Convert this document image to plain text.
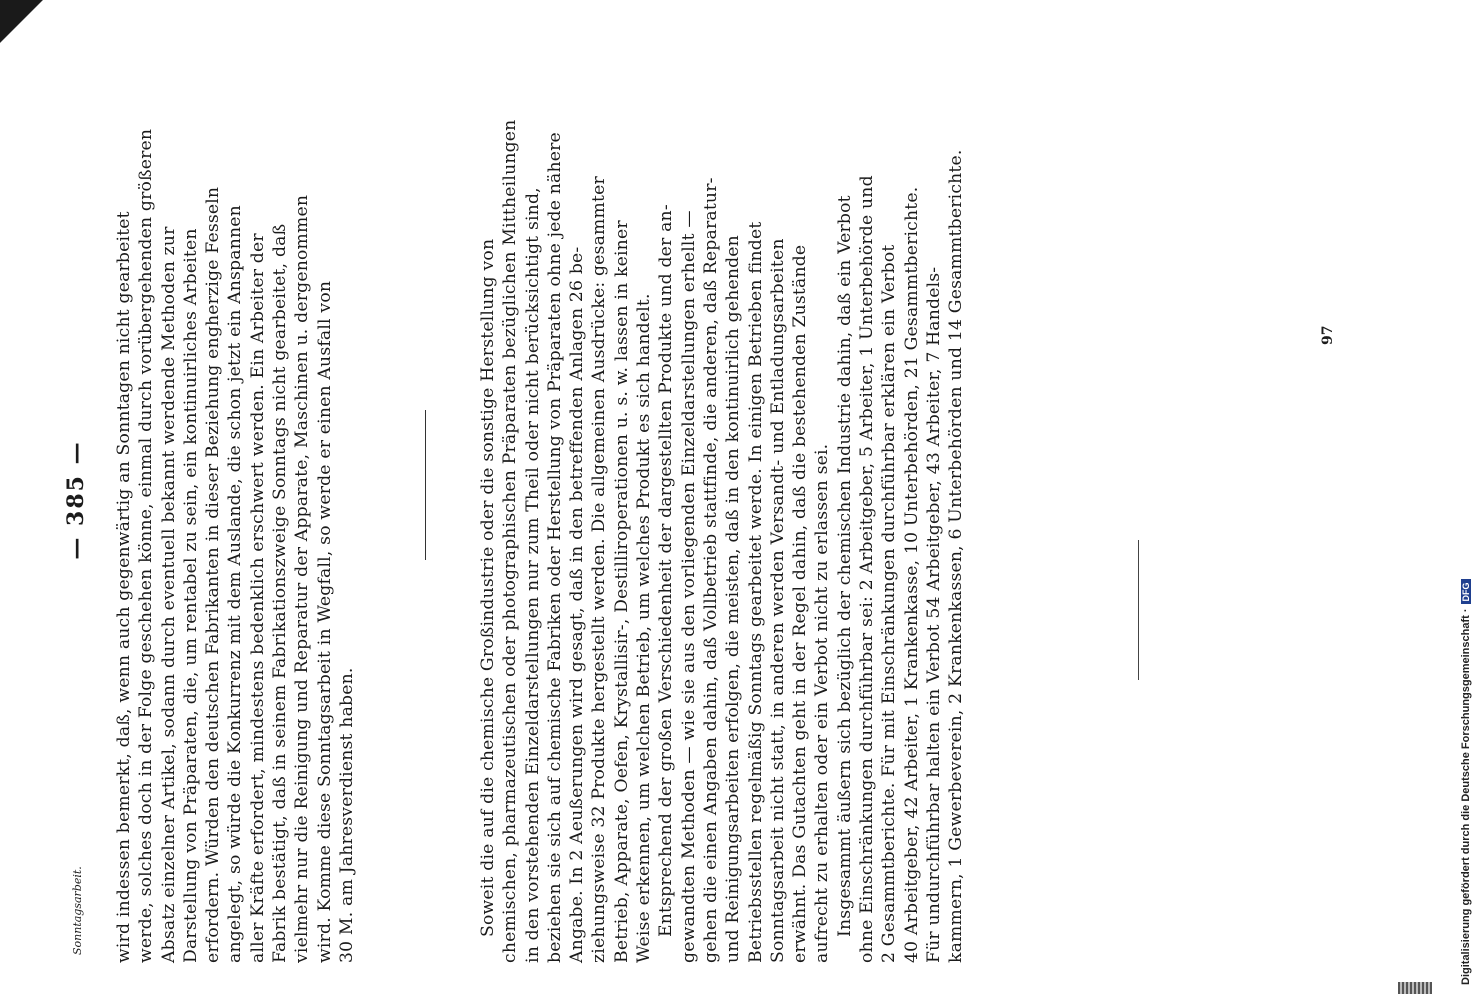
Sonntagsarbeit.
— 385 — wird indessen bemerkt, daß, wenn auch gegenwärtig an Sonntagen nicht gearbeitet werde, solches doch in der Folge geschehen könne, einmal durch vorübergehenden größeren Absatz einzelner Artikel, sodann durch eventuell bekannt werdende Methoden zur Darstellung von Präparaten, die, um rentabel zu sein, ein kontinuirliches Arbeiten erfordern. Würden den deutschen Fabrikanten in dieser Beziehung engherzige Fesseln angelegt, so würde die Konkurrenz mit dem Auslande, die schon jetzt ein Anspannen aller Kräfte erfordert, mindestens bedenklich erschwert werden. Ein Arbeiter der Fabrik bestätigt, daß in seinem Fabrikationszweige Sonntags nicht gearbeitet, daß vielmehr nur die Reinigung und Reparatur der Apparate, Maschinen u. dergenommen wird. Komme diese Sonntagsarbeit in Wegfall, so werde er einen Ausfall von 30 M. am Jahresverdienst haben.	Soweit die auf die chemische Großindustrie oder die sonstige Herstellung von chemischen, pharmazeutischen oder photographischen Präparaten bezüglichen Mittheilungen in den vorstehenden Einzeldarstellungen nur zum Theil oder nicht berücksichtigt sind, beziehen sie sich auf chemische Fabriken oder Herstellung von Präparaten ohne jede nähere Angabe. In 2 Aeußerungen wird gesagt, daß in den betreffenden Anlagen 26 be- ziehungsweise 32 Produkte hergestellt werden. Die allgemeinen Ausdrücke: gesammter Betrieb, Apparate, Oefen, Krystallisir-, Destilliroperationen u. s. w. lassen in keiner Weise erkennen, um welchen Betrieb, um welches Produkt es sich handelt. Entsprechend der großen Verschiedenheit der dargestellten Produkte und der an- gewandten Methoden — wie sie aus den vorliegenden Einzeldarstellungen erhellt — gehen die einen Angaben dahin, daß Vollbetrieb stattfinde, die anderen, daß Reparatur- und Reinigungsarbeiten erfolgen, die meisten, daß in den kontinuirlich gehenden Betriebsstellen regelmäßig Sonntags gearbeitet werde. In einigen Betrieben findet Sonntagsarbeit nicht statt, in anderen werden Versandt- und Entladungsarbeiten erwähnt. Das Gutachten geht in der Regel dahin, daß die bestehenden Zustände aufrecht zu erhalten oder ein Verbot nicht zu erlassen sei. Insgesammt äußern sich bezüglich der chemischen Industrie dahin, daß ein Verbot ohne Einschränkungen durchführbar sei: 2 Arbeitgeber, 5 Arbeiter, 1 Unterbehörde und 2 Gesammtberichte. Für mit Einschränkungen durchführbar erklären ein Verbot 40 Arbeitgeber, 42 Arbeiter, 1 Krankenkasse, 10 Unterbehörden, 21 Gesammtberichte. Für undurchführbar halten ein Verbot 54 Arbeitgeber, 43 Arbeiter, 7 Handels- kammern, 1 Gewerbeverein, 2 Krankenkassen, 6 Unterbehörden und 14 Gesammtberichte.	97
Digitalisierung gefördert durch die Deutsche Forschungsgemeinschaft ·DFG
